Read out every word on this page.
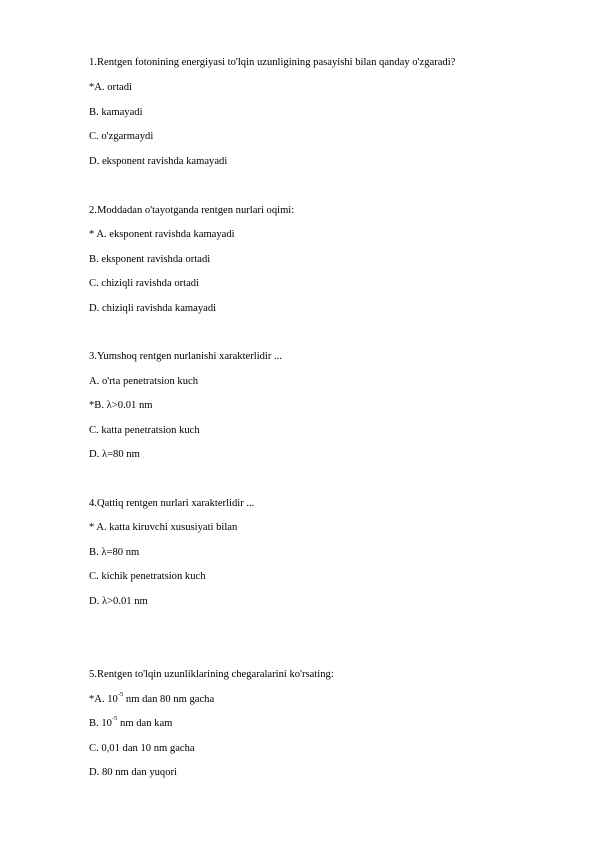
1.Rentgen fotonining energiyasi to'lqin uzunligining pasayishi bilan qanday o'zgaradi?
*A. ortadi
B. kamayadi
C. o'zgarmaydi
D. eksponent ravishda kamayadi
2.Moddadan o'tayotganda rentgen nurlari oqimi:
* A. eksponent ravishda kamayadi
B. eksponent ravishda ortadi
C. chiziqli ravishda ortadi
D. chiziqli ravishda kamayadi
3.Yumshoq rentgen nurlanishi xarakterlidir ...
A. o'rta penetratsion kuch
*B. λ>0.01 nm
C. katta penetratsion kuch
D. λ=80 nm
4.Qattiq rentgen nurlari xarakterlidir ...
* A. katta kiruvchi xususiyati bilan
B. λ=80 nm
C. kichik penetratsion kuch
D. λ>0.01 nm
5.Rentgen to'lqin uzunliklarining chegaralarini ko'rsating:
*A. $10^{-5}$ nm dan 80 nm gacha
B. $10^{-5}$ nm dan kam
C. 0,01 dan 10 nm gacha
D. 80 nm dan yuqori
